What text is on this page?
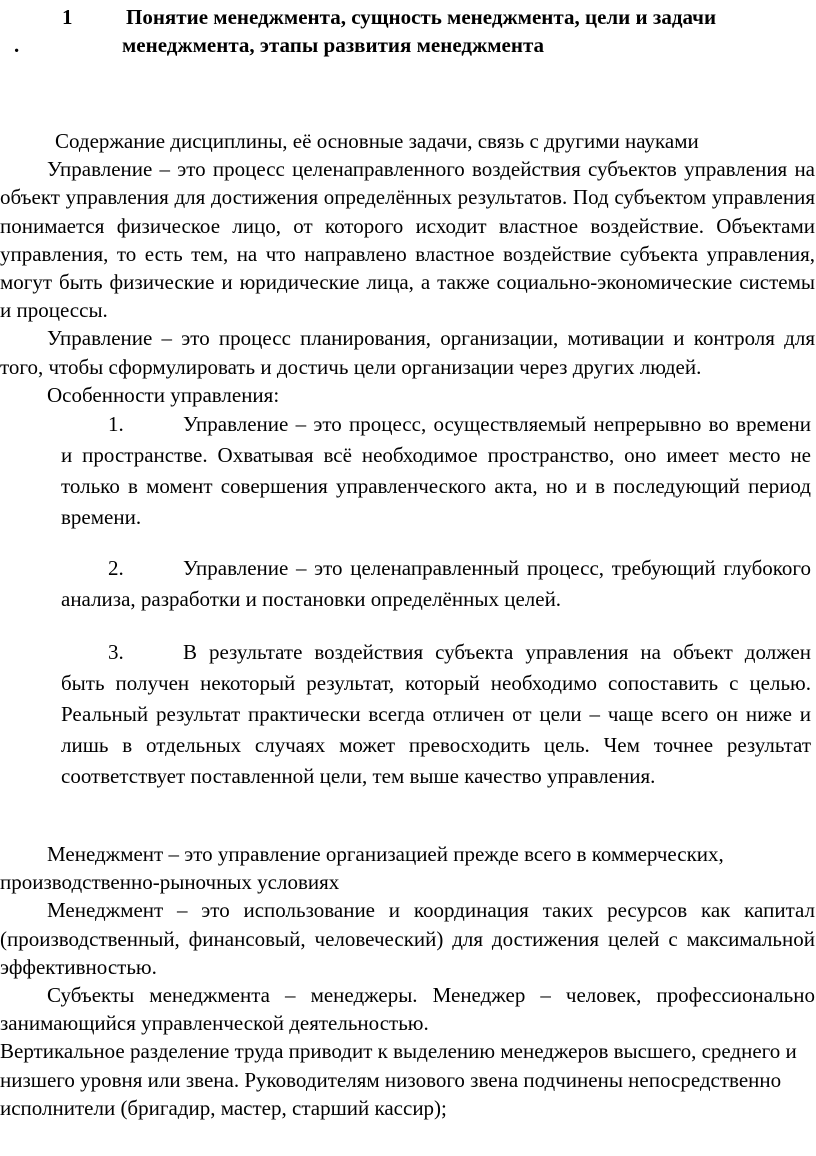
1
.
Понятие менеджмента, сущность менеджмента, цели и задачи
менеджмента, этапы развития менеджмента

Содержание дисциплины, её основные задачи, связь с другими науками

Управление – это процесс целенаправленного воздействия субъектов управления на объект управления для достижения определённых результатов. Под субъектом управления понимается физическое лицо, от которого исходит властное воздействие. Объектами управления, то есть тем, на что направлено властное воздействие субъекта управления, могут быть физические и юридические лица, а также социально-экономические системы и процессы.

Управление – это процесс планирования, организации, мотивации и контроля для того, чтобы сформулировать и достичь цели организации через других людей.

Особенности управления:

1.	Управление – это процесс, осуществляемый непрерывно во времени и пространстве. Охватывая всё необходимое пространство, оно имеет место не только в момент совершения управленческого акта, но и в последующий период времени.

2.	Управление – это целенаправленный процесс, требующий глубокого анализа, разработки и постановки определённых целей.

3.	В результате воздействия субъекта управления на объект должен быть получен некоторый результат, который необходимо сопоставить с целью. Реальный результат практически всегда отличен от цели – чаще всего он ниже и лишь в отдельных случаях может превосходить цель. Чем точнее результат соответствует поставленной цели, тем выше качество управления.

Менеджмент – это управление организацией прежде всего в коммерческих, производственно-рыночных условиях

Менеджмент – это использование и координация таких ресурсов как капитал (производственный, финансовый, человеческий) для достижения целей с максимальной эффективностью.

Субъекты менеджмента – менеджеры. Менеджер – человек, профессионально занимающийся управленческой деятельностью.

Вертикальное разделение труда приводит к выделению менеджеров высшего, среднего и низшего уровня или звена. Руководителям низового звена подчинены непосредственно исполнители (бригадир, мастер, старший кассир);
